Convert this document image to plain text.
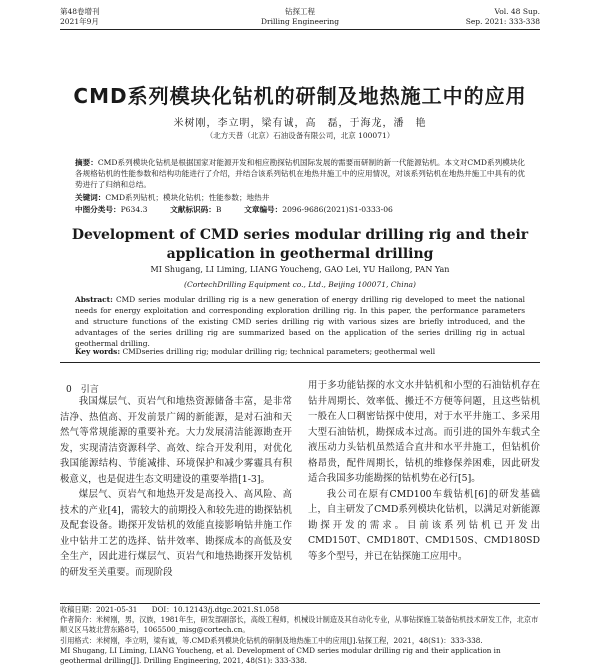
第48卷增刊
2021年9月
钻探工程
Drilling Engineering
Vol. 48 Sup.
Sep. 2021: 333-338
CMD系列模块化钻机的研制及地热施工中的应用
米树刚，李立明，梁有诚，高　磊，于海龙，潘　艳
（北方天普（北京）石油设备有限公司，北京 100071）
摘要：CMD系列模块化钻机是根据国家对能源开发和相应勘探钻机国际发展的需要而研制的新一代能源钻机。本文对CMD系列模块化各规格钻机的性能参数和结构功能进行了介绍，并结合该系列钻机在地热井施工中的应用情况，对该系列钻机在地热井施工中具有的优势进行了归纳和总结。
关键词：CMD系列钻机；模块化钻机；性能参数；地热井
中图分类号：P634.3	文献标识码：B	文章编号：2096-9686(2021)S1-0333-06
Development of CMD series modular drilling rig and their application in geothermal drilling
MI Shugang, LI Liming, LIANG Youcheng, GAO Lei, YU Hailong, PAN Yan
(CortechDrilling Equipment co., Ltd., Beijing 100071, China)
Abstract: CMD series modular drilling rig is a new generation of energy drilling rig developed to meet the national needs for energy exploitation and corresponding exploration drilling rig. In this paper, the performance parameters and structure functions of the existing CMD series drilling rig with various sizes are briefly introduced, and the advantages of the series drilling rig are summarized based on the application of the series drilling rig in actual geothermal drilling.
Key words: CMDseries drilling rig; modular drilling rig; technical parameters; geothermal well
0　引言

我国煤层气、页岩气和地热资源储备丰富，是非常洁净、热值高、开发前景广阔的新能源，是对石油和天然气等常规能源的重要补充。大力发展清洁能源勘查开发，实现清洁资源科学、高效、综合开发利用，对优化我国能源结构、节能减排、环境保护和减少雾霾具有积极意义，也是促进生态文明建设的重要举措[1-3]。

煤层气、页岩气和地热开发是高投入、高风险、高技术的产业[4]，需较大的前期投入和较先进的勘探钻机及配套设备。勘探开发钻机的效能直接影响钻井施工作业中钻井工艺的选择、钻井效率、勘探成本的高低及安全生产，因此进行煤层气、页岩气和地热勘探开发钻机的研发至关重要。而现阶段

用于多功能钻探的水文水井钻机和小型的石油钻机存在钻井周期长、效率低、搬迁不方便等问题，且这些钻机一般在人口稠密钻探中使用，对于水平井施工、多采用大型石油钻机，勘探成本过高。而引进的国外车载式全液压动力头钻机虽然适合直井和水平井施工，但钻机价格昂贵，配件周期长，钻机的维修保养困难，因此研发适合我国多功能勘探的钻机势在必行[5]。

我公司在原有CMD100车载钻机[6]的研发基础上，自主研发了CMD系列模块化钻机，以满足对新能源勘探开发的需求。目前该系列钻机已开发出CMD150T、CMD180T、CMD150S、CMD180SD等多个型号，并已在钻探施工应用中。

收稿日期：2021-05-31　　DOI：10.12143/j.dtgc.2021.S1.058
作者简介：米树刚，男，汉族，1981年生，研发部副部长，高级工程师，机械设计制造及其自动化专业，从事钻探施工装备钻机技术研发工作，北京市顺义区马坡北营东路8号，1065500_misg@cortech.cn。
引用格式：米树刚，李立明，梁有诚，等.CMD系列模块化钻机的研制及地热施工中的应用[J].钻探工程，2021，48(S1)：333-338.
MI Shugang, LI Liming, LIANG Youcheng, et al. Development of CMD series modular drilling rig and their application in geothermal drilling[J]. Drilling Engineering, 2021, 48(S1): 333-338.
